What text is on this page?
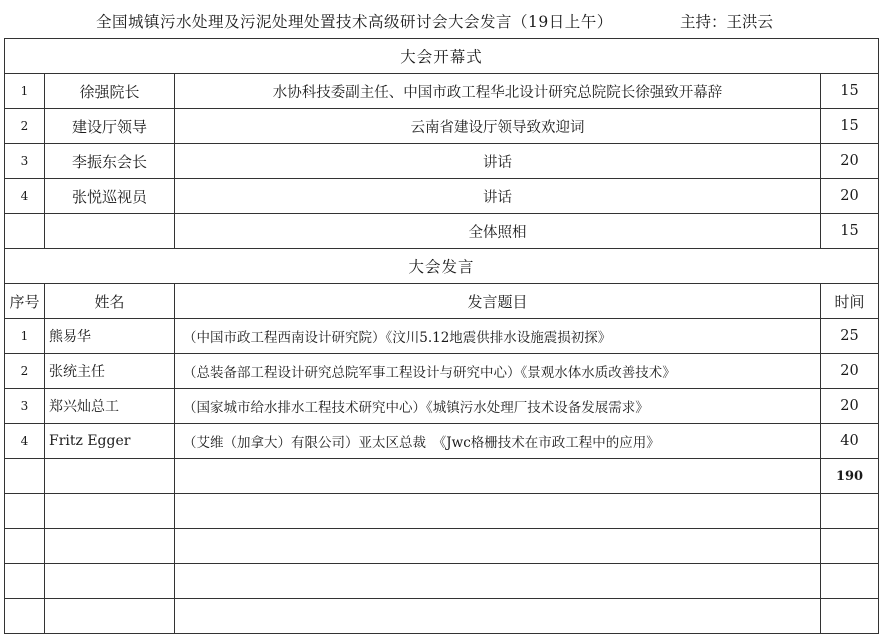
全国城镇污水处理及污泥处理处置技术高级研讨会大会发言（19日上午）	主持：王洪云
大会开幕式			
1	徐强院长	水协科技委副主任、中国市政工程华北设计研究总院院长徐强致开幕辞	15
2	建设厅领导	云南省建设厅领导致欢迎词	15
3	李振东会长	讲话	20
4	张悦巡视员	讲话	20
		全体照相	15
大会发言			
序号	姓名	发言题目	时间
1	熊易华	（中国市政工程西南设计研究院）《汶川5.12地震供排水设施震损初探》	25
2	张统主任	（总装备部工程设计研究总院军事工程设计与研究中心）《景观水体水质改善技术》	20
3	郑兴灿总工	（国家城市给水排水工程技术研究中心）《城镇污水处理厂技术设备发展需求》	20
4	Fritz Egger	（艾维（加拿大）有限公司）亚太区总裁　《Jwc格栅技术在市政工程中的应用》	40
			190
